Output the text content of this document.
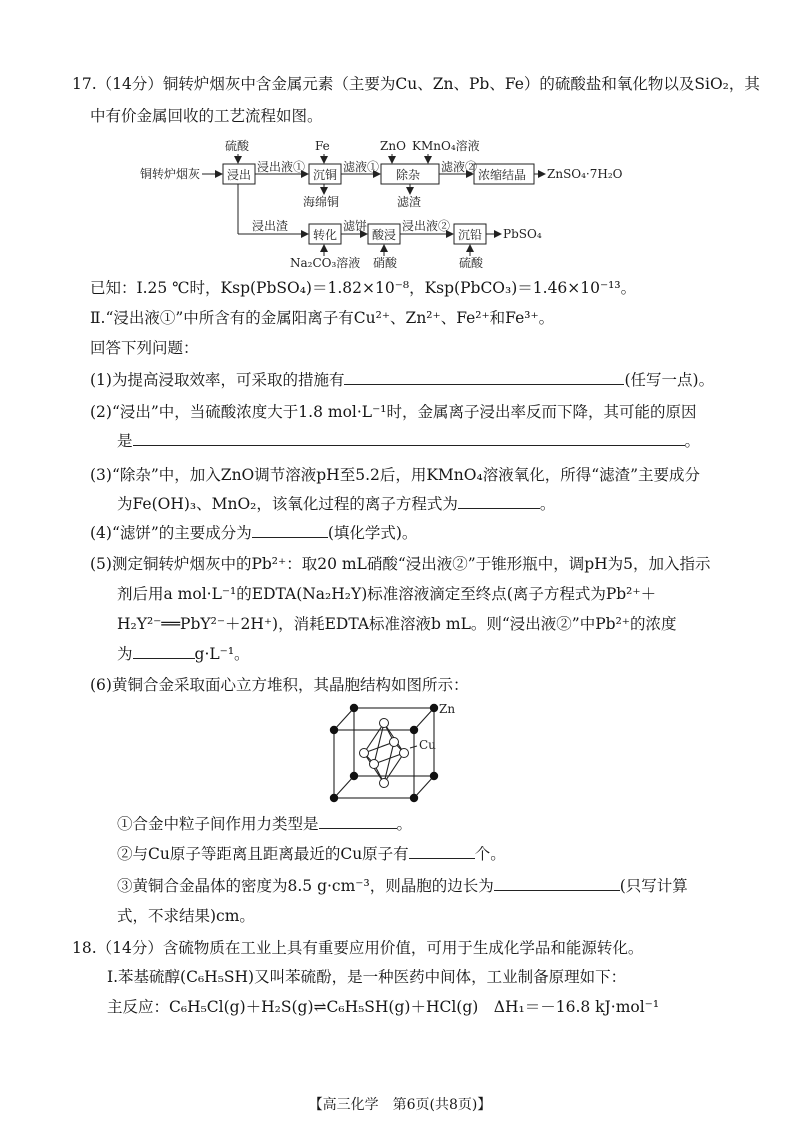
17.（14分）铜转炉烟灰中含金属元素（主要为Cu、Zn、Pb、Fe）的硫酸盐和氧化物以及SiO₂，其
中有价金属回收的工艺流程如图。
铜转炉烟灰
硫酸
浸出
浸出液①
Fe
沉铜
海绵铜
滤液①
ZnO KMnO₄溶液
除杂
滤渣
滤液②
浓缩结晶 ZnSO₄·7H₂O
浸出渣
转化
Na₂CO₃溶液
滤饼
酸浸
硝酸
浸出液②
沉铅
硫酸
PbSO₄
已知：Ⅰ.25 ℃时，Ksp(PbSO₄)＝1.82×10⁻⁸，Ksp(PbCO₃)＝1.46×10⁻¹³。
Ⅱ.“浸出液①”中所含有的金属阳离子有Cu²⁺、Zn²⁺、Fe²⁺和Fe³⁺。
回答下列问题：
(1)为提高浸取效率，可采取的措施有	(任写一点)。
(2)“浸出”中，当硫酸浓度大于1.8 mol·L⁻¹时，金属离子浸出率反而下降，其可能的原因
是	。
(3)“除杂”中，加入ZnO调节溶液pH至5.2后，用KMnO₄溶液氧化，所得“滤渣”主要成分
为Fe(OH)₃、MnO₂，该氧化过程的离子方程式为	。
(4)“滤饼”的主要成分为	(填化学式)。
(5)测定铜转炉烟灰中的Pb²⁺：取20 mL硝酸“浸出液②”于锥形瓶中，调pH为5，加入指示
剂后用a mol·L⁻¹的EDTA(Na₂H₂Y)标准溶液滴定至终点(离子方程式为Pb²⁺＋
H₂Y²⁻══PbY²⁻＋2H⁺)，消耗EDTA标准溶液b mL。则“浸出液②”中Pb²⁺的浓度
为	g·L⁻¹。
(6)黄铜合金采取面心立方堆积，其晶胞结构如图所示：
Zn
Cu
①合金中粒子间作用力类型是	。
②与Cu原子等距离且距离最近的Cu原子有	个。
③黄铜合金晶体的密度为8.5 g·cm⁻³，则晶胞的边长为	(只写计算
式，不求结果)cm。
18.（14分）含硫物质在工业上具有重要应用价值，可用于生成化学品和能源转化。
Ⅰ.苯基硫醇(C₆H₅SH)又叫苯硫酚，是一种医药中间体，工业制备原理如下：
主反应：C₆H₅Cl(g)＋H₂S(g)⇌C₆H₅SH(g)＋HCl(g)　ΔH₁＝－16.8 kJ·mol⁻¹
【高三化学　第6页(共8页)】
